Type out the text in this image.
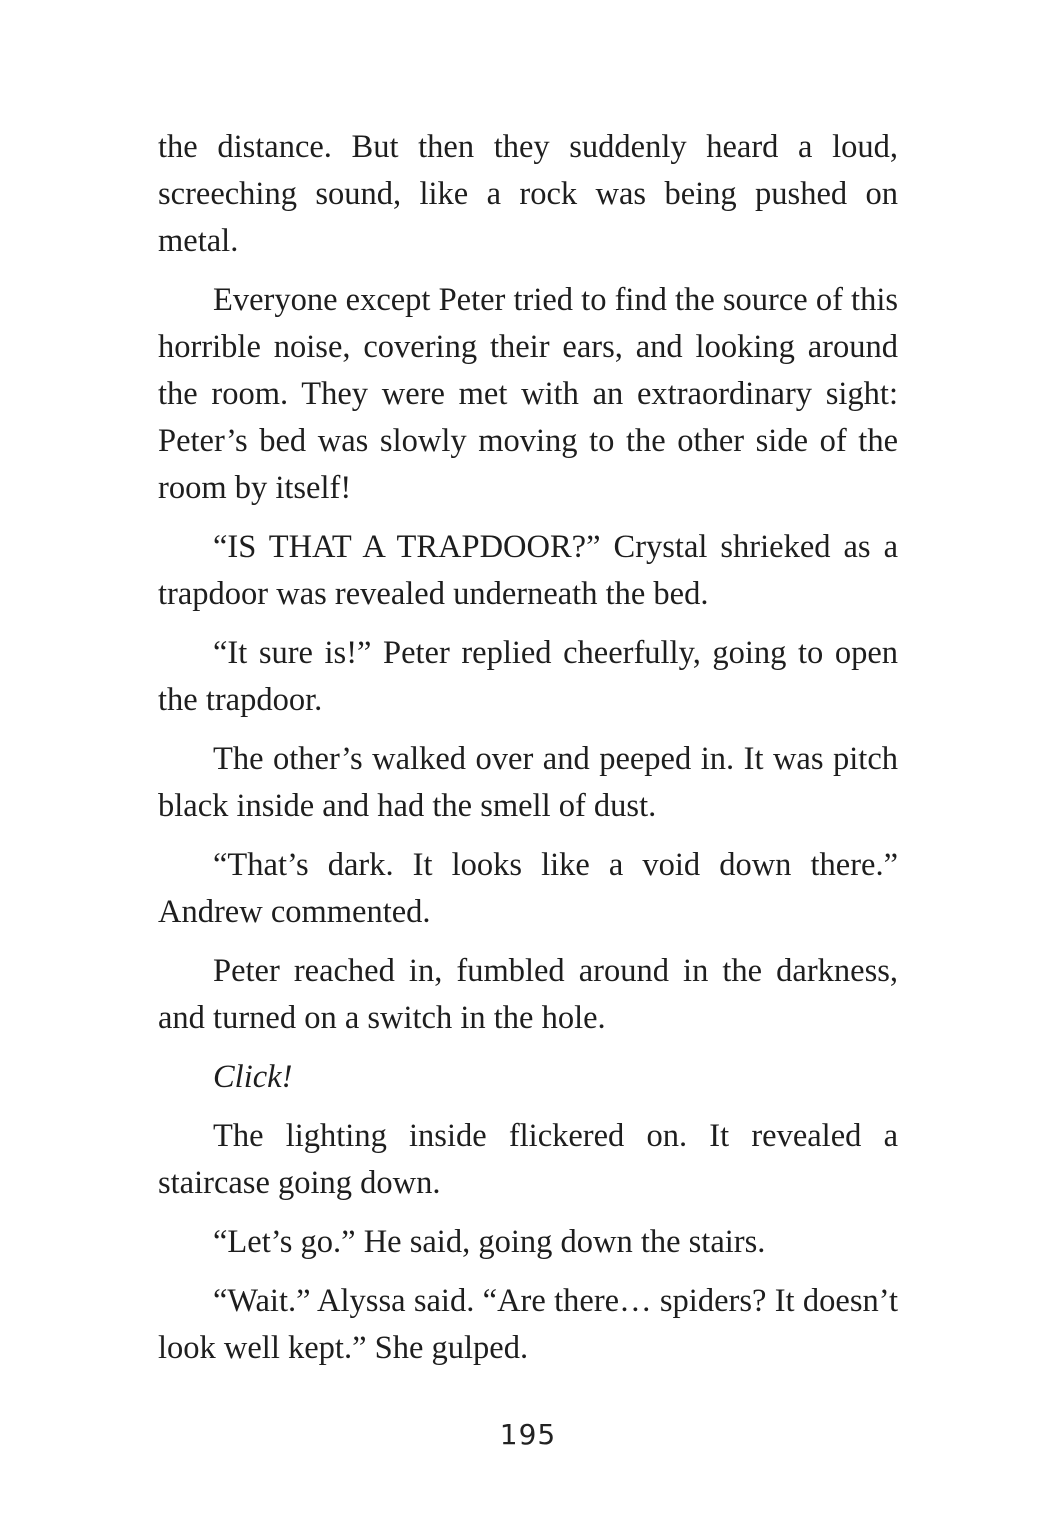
the distance. But then they suddenly heard a loud, screeching sound, like a rock was being pushed on metal.

Everyone except Peter tried to find the source of this horrible noise, covering their ears, and looking around the room. They were met with an extraordinary sight: Peter’s bed was slowly moving to the other side of the room by itself!

“IS THAT A TRAPDOOR?” Crystal shrieked as a trapdoor was revealed underneath the bed.

“It sure is!” Peter replied cheerfully, going to open the trapdoor.

The other’s walked over and peeped in. It was pitch black inside and had the smell of dust.

“That’s dark. It looks like a void down there.” Andrew commented.

Peter reached in, fumbled around in the darkness, and turned on a switch in the hole.

Click!

The lighting inside flickered on. It revealed a staircase going down.

“Let’s go.” He said, going down the stairs.

“Wait.” Alyssa said. “Are there… spiders? It doesn’t look well kept.” She gulped.

195
